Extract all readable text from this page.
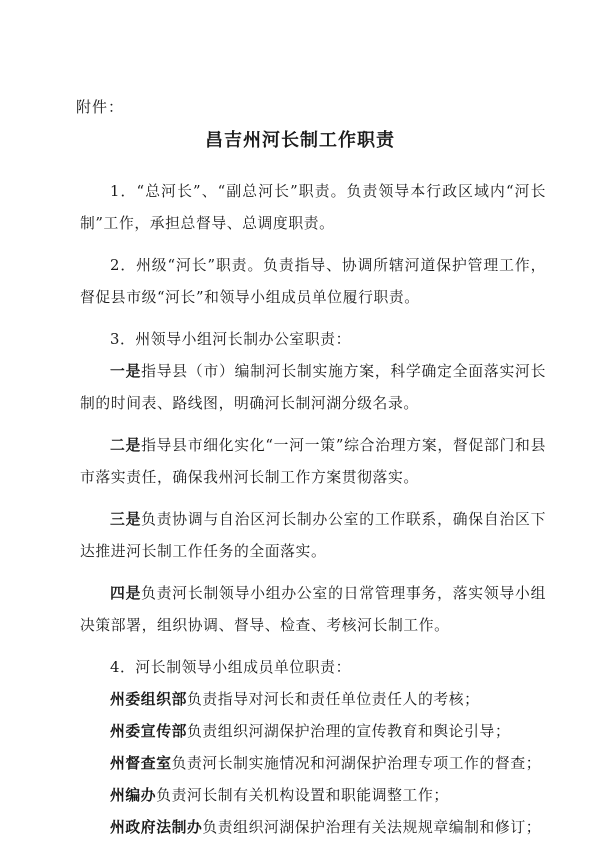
附件：
昌吉州河长制工作职责

1．“总河长”、“副总河长”职责。负责领导本行政区域内“河长制”工作，承担总督导、总调度职责。

2．州级“河长”职责。负责指导、协调所辖河道保护管理工作，督促县市级“河长”和领导小组成员单位履行职责。

3．州领导小组河长制办公室职责：

一是指导县（市）编制河长制实施方案，科学确定全面落实河长制的时间表、路线图，明确河长制河湖分级名录。

二是指导县市细化实化“一河一策”综合治理方案，督促部门和县市落实责任，确保我州河长制工作方案贯彻落实。

三是负责协调与自治区河长制办公室的工作联系，确保自治区下达推进河长制工作任务的全面落实。

四是负责河长制领导小组办公室的日常管理事务，落实领导小组决策部署，组织协调、督导、检查、考核河长制工作。

4．河长制领导小组成员单位职责：

州委组织部负责指导对河长和责任单位责任人的考核；

州委宣传部负责组织河湖保护治理的宣传教育和舆论引导；

州督查室负责河长制实施情况和河湖保护治理专项工作的督查；

州编办负责河长制有关机构设置和职能调整工作；

州政府法制办负责组织河湖保护治理有关法规规章编制和修订；
